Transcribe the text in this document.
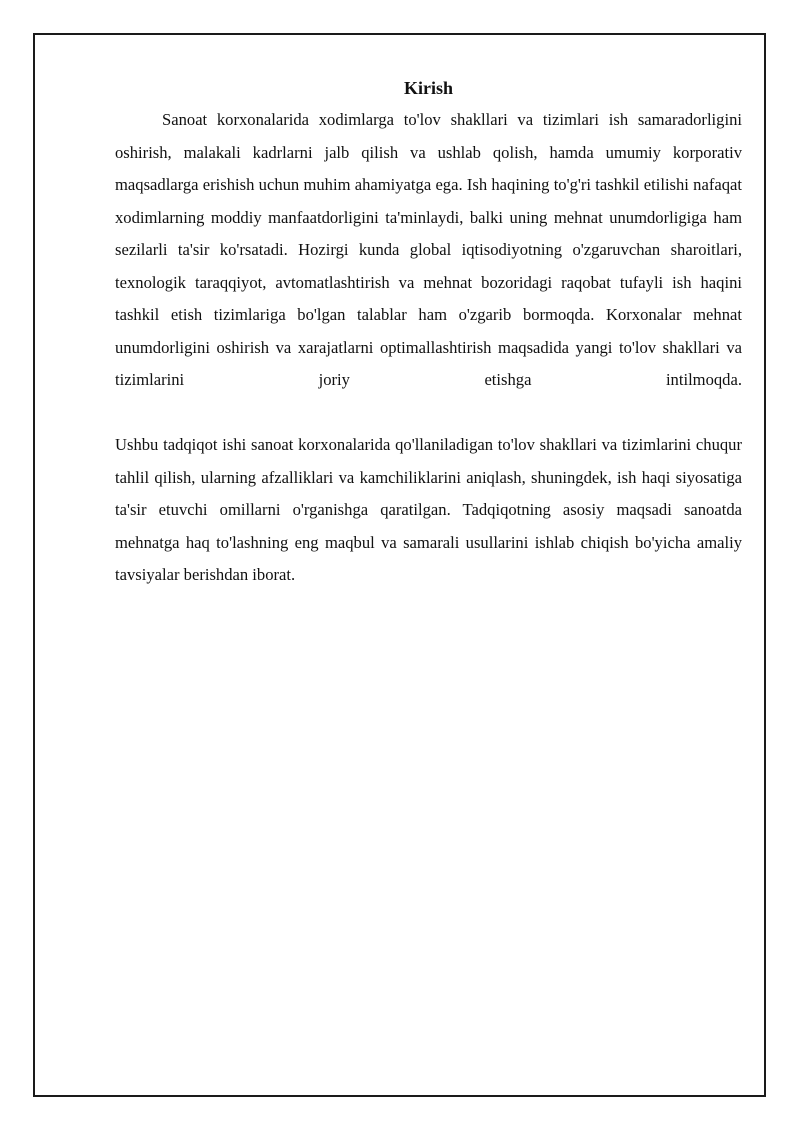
Kirish

Sanoat korxonalarida xodimlarga to'lov shakllari va tizimlari ish samaradorligini oshirish, malakali kadrlarni jalb qilish va ushlab qolish, hamda umumiy korporativ maqsadlarga erishish uchun muhim ahamiyatga ega. Ish haqining to'g'ri tashkil etilishi nafaqat xodimlarning moddiy manfaatdorligini ta'minlaydi, balki uning mehnat unumdorligiga ham sezilarli ta'sir ko'rsatadi. Hozirgi kunda global iqtisodiyotning o'zgaruvchan sharoitlari, texnologik taraqqiyot, avtomatlashtirish va mehnat bozoridagi raqobat tufayli ish haqini tashkil etish tizimlariga bo'lgan talablar ham o'zgarib bormoqda. Korxonalar mehnat unumdorligini oshirish va xarajatlarni optimallashtirish maqsadida yangi to'lov shakllari va tizimlarini joriy etishga intilmoqda.

Ushbu tadqiqot ishi sanoat korxonalarida qo'llaniladigan to'lov shakllari va tizimlarini chuqur tahlil qilish, ularning afzalliklari va kamchiliklarini aniqlash, shuningdek, ish haqi siyosatiga ta'sir etuvchi omillarni o'rganishga qaratilgan. Tadqiqotning asosiy maqsadi sanoatda mehnatga haq to'lashning eng maqbul va samarali usullarini ishlab chiqish bo'yicha amaliy tavsiyalar berishdan iborat.
